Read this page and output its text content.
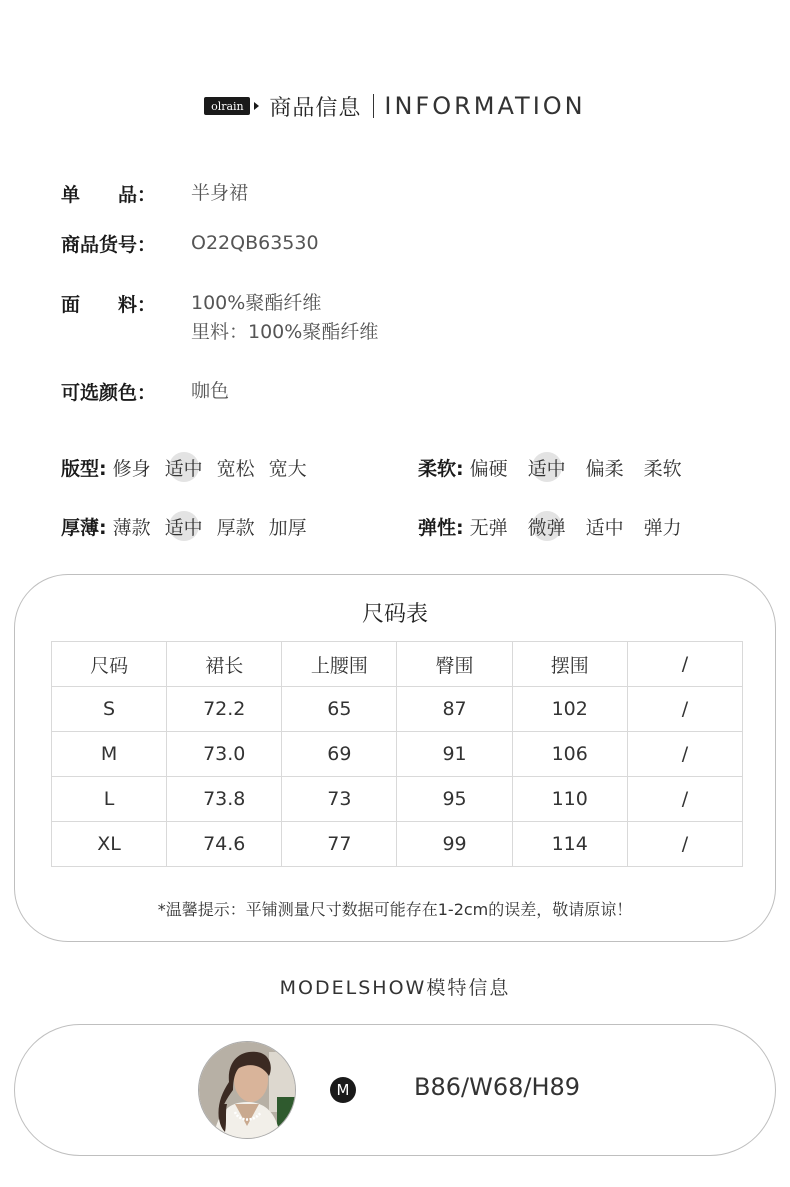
olrain	商品信息 INFORMATION
单　　品： 半身裙
商品货号： O22QB63530
面　　料： 100%聚酯纤维
里料：100%聚酯纤维
可选颜色： 咖色
版型: 修身 适中 宽松 宽大	柔软: 偏硬 适中 偏柔 柔软
厚薄: 薄款 适中 厚款 加厚	弹性: 无弹 微弹 适中 弹力
尺码表
尺码	裙长	上腰围	臀围	摆围	/
S	72.2	65	87	102	/
M	73.0	69	91	106	/
L	73.8	73	95	110	/
XL	74.6	77	99	114	/
*温馨提示：平铺测量尺寸数据可能存在1-2cm的误差，敬请原谅！
MODELSHOW模特信息
M	B86/W68/H89
